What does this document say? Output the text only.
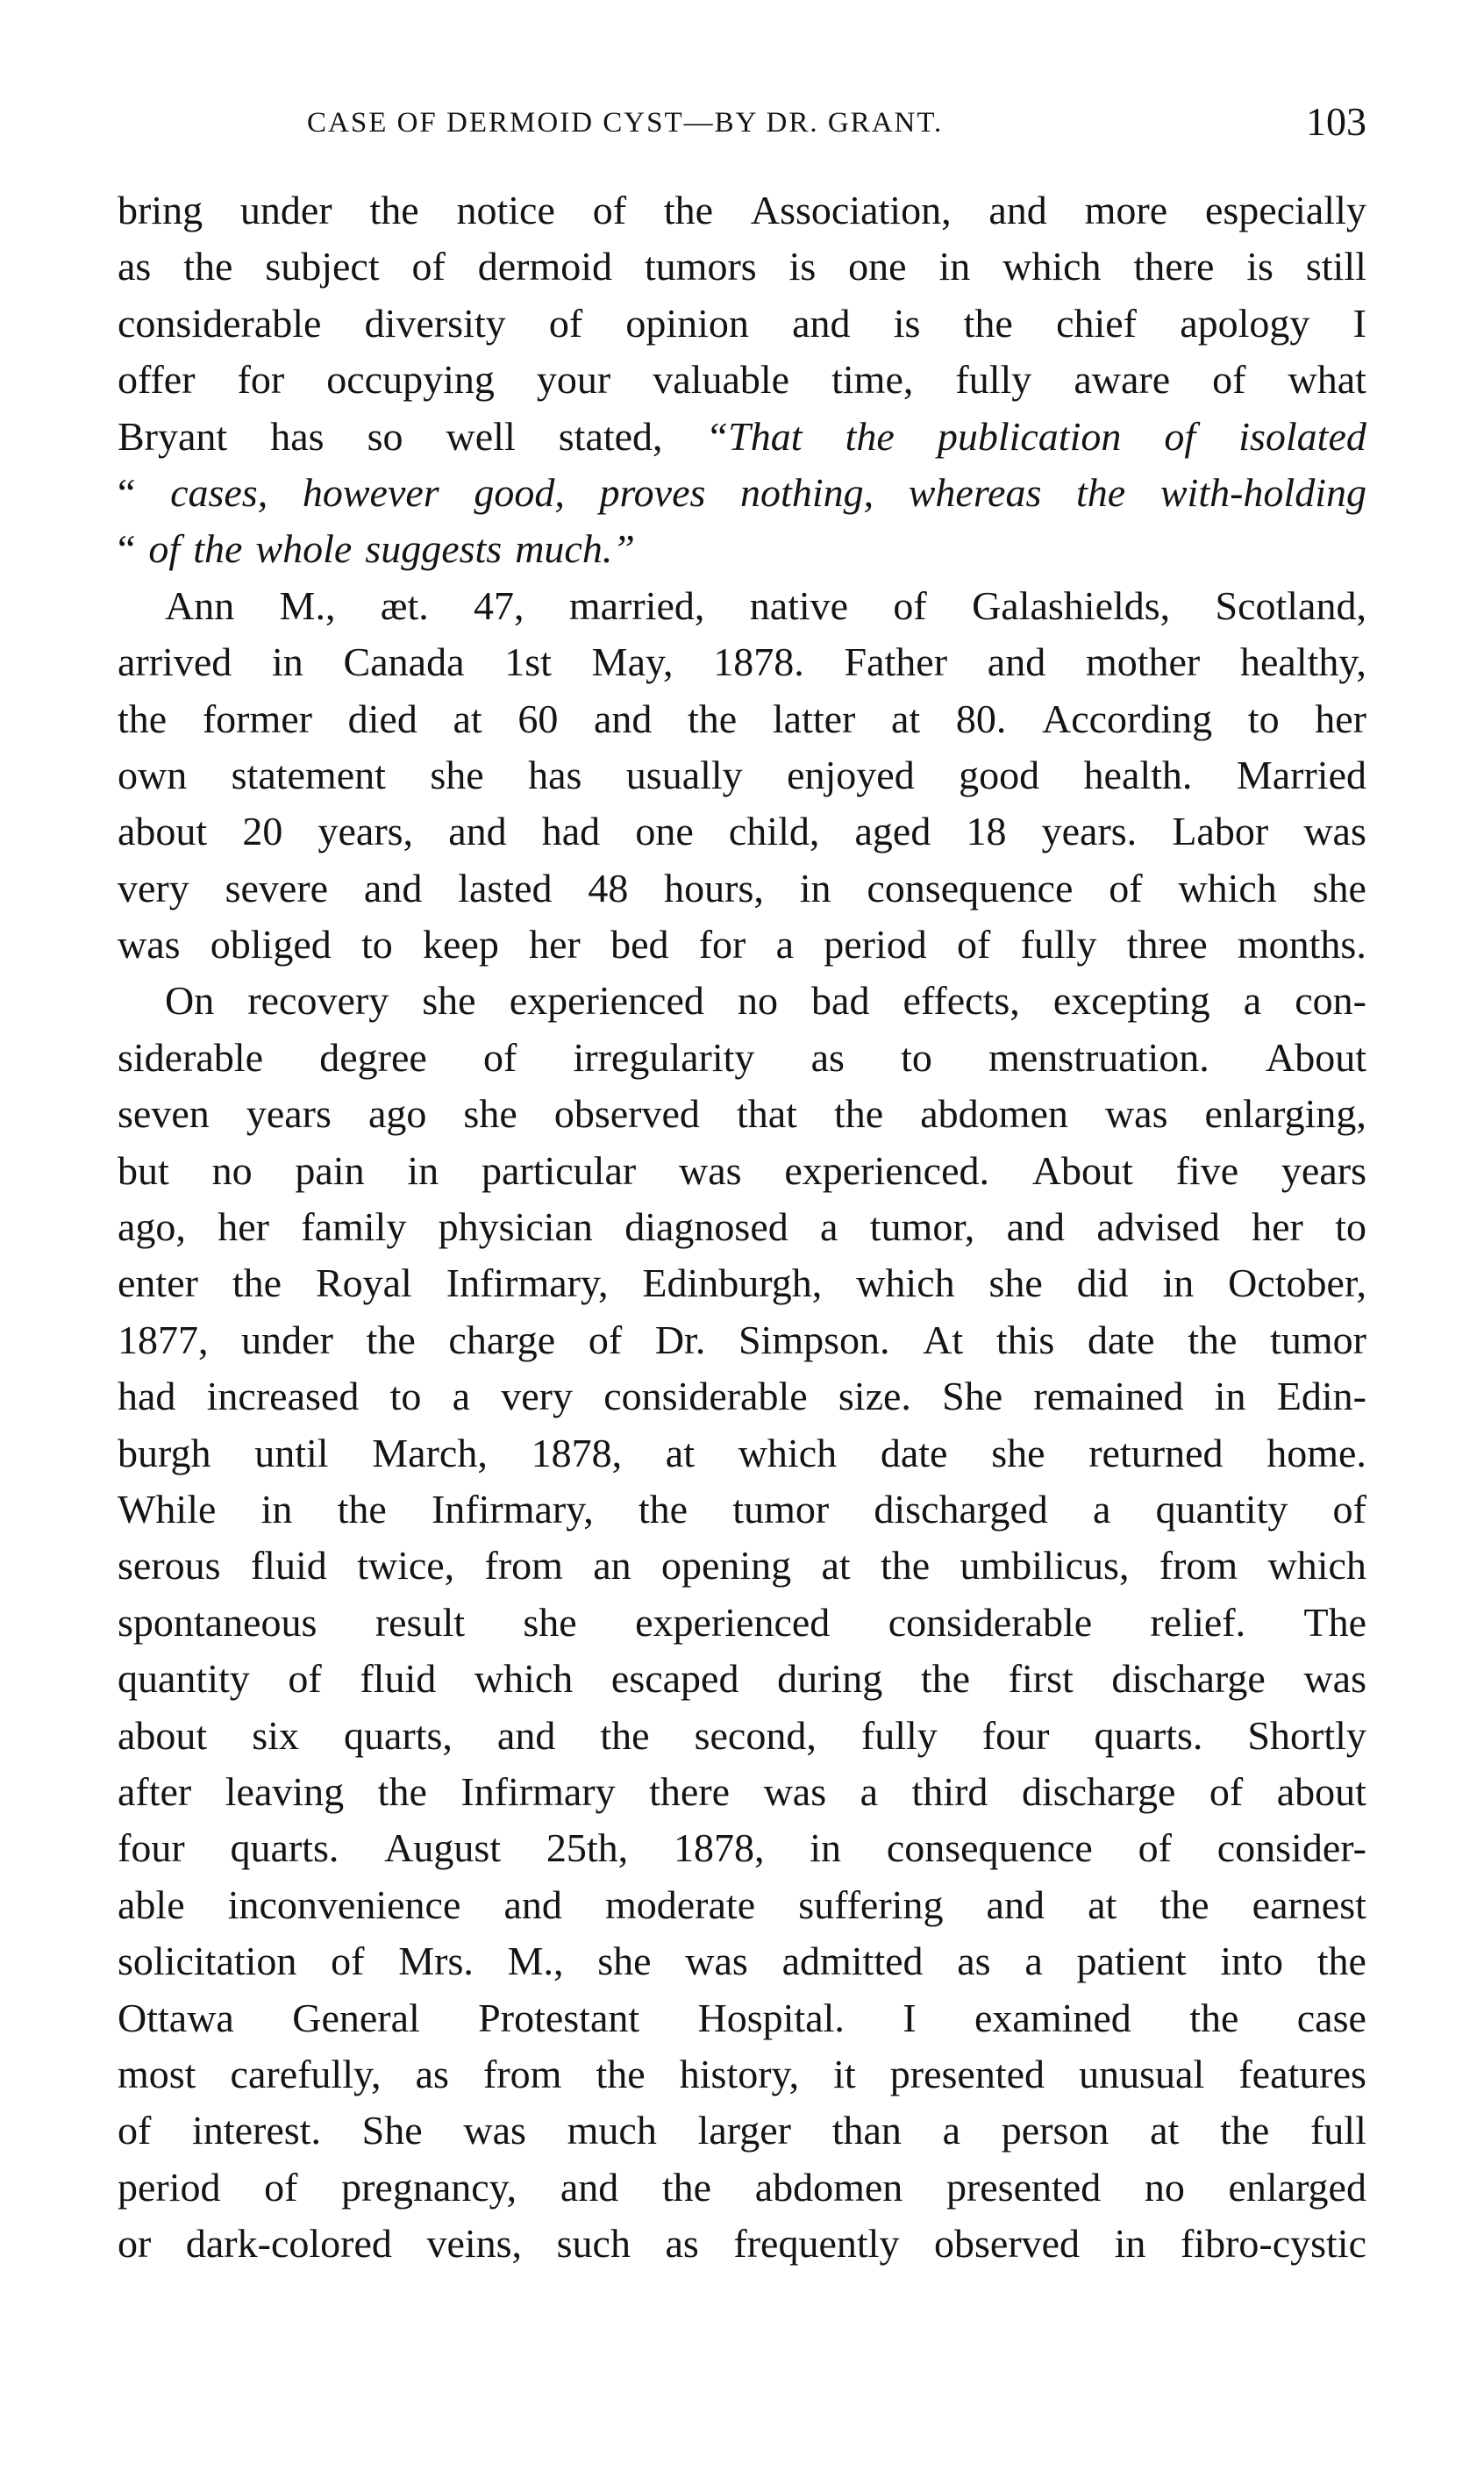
CASE OF DERMOID CYST—BY DR. GRANT.	103
bring under the notice of the Association, and more especially
as the subject of dermoid tumors is one in which there is still
considerable diversity of opinion and is the chief apology I
offer for occupying your valuable time, fully aware of what
Bryant has so well stated, “That the publication of isolated
“ cases, however good, proves nothing, whereas the with-holding
“ of the whole suggests much.”
Ann M., æt. 47, married, native of Galashields, Scotland,
arrived in Canada 1st May, 1878. Father and mother healthy,
the former died at 60 and the latter at 80. According to her
own statement she has usually enjoyed good health. Married
about 20 years, and had one child, aged 18 years. Labor was
very severe and lasted 48 hours, in consequence of which she
was obliged to keep her bed for a period of fully three months.
On recovery she experienced no bad effects, excepting a con-
siderable degree of irregularity as to menstruation. About
seven years ago she observed that the abdomen was enlarging,
but no pain in particular was experienced. About five years
ago, her family physician diagnosed a tumor, and advised her to
enter the Royal Infirmary, Edinburgh, which she did in October,
1877, under the charge of Dr. Simpson. At this date the tumor
had increased to a very considerable size. She remained in Edin-
burgh until March, 1878, at which date she returned home.
While in the Infirmary, the tumor discharged a quantity of
serous fluid twice, from an opening at the umbilicus, from which
spontaneous result she experienced considerable relief. The
quantity of fluid which escaped during the first discharge was
about six quarts, and the second, fully four quarts. Shortly
after leaving the Infirmary there was a third discharge of about
four quarts. August 25th, 1878, in consequence of consider-
able inconvenience and moderate suffering and at the earnest
solicitation of Mrs. M., she was admitted as a patient into the
Ottawa General Protestant Hospital. I examined the case
most carefully, as from the history, it presented unusual features
of interest. She was much larger than a person at the full
period of pregnancy, and the abdomen presented no enlarged
or dark-colored veins, such as frequently observed in fibro-cystic
